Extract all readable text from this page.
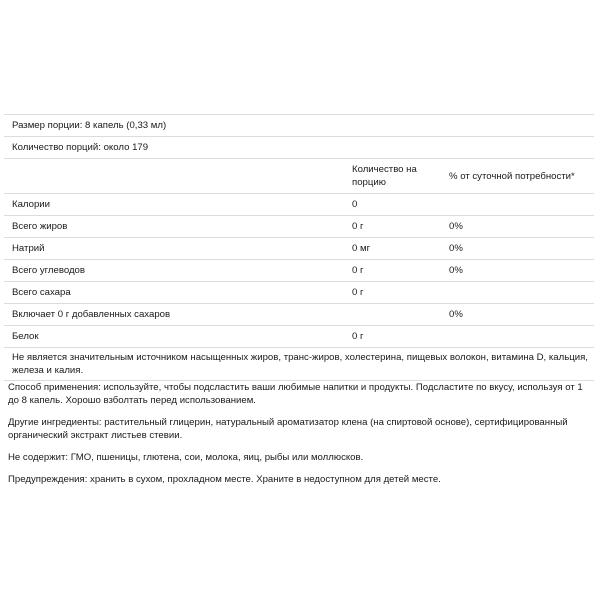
Размер порции: 8 капель (0,33 мл)		
Количество порций: около 179		
	Количество на порцию	% от суточной потребности*
Калории	0	
Всего жиров	0 г	0%
Натрий	0 мг	0%
Всего углеводов	0 г	0%
Всего сахара	0 г	
Включает 0 г добавленных сахаров		0%
Белок	0 г	
Не является значительным источником насыщенных жиров, транс-жиров, холестерина, пищевых волокон, витамина D, кальция, железа и калия.		

Способ применения: используйте, чтобы подсластить ваши любимые напитки и продукты. Подсластите по вкусу, используя от 1 до 8 капель. Хорошо взболтать перед использованием.

Другие ингредиенты: растительный глицерин, натуральный ароматизатор клена (на спиртовой основе), сертифицированный органический экстракт листьев стевии.

Не содержит: ГМО, пшеницы, глютена, сои, молока, яиц, рыбы или моллюсков.

Предупреждения: хранить в сухом, прохладном месте. Храните в недоступном для детей месте.
